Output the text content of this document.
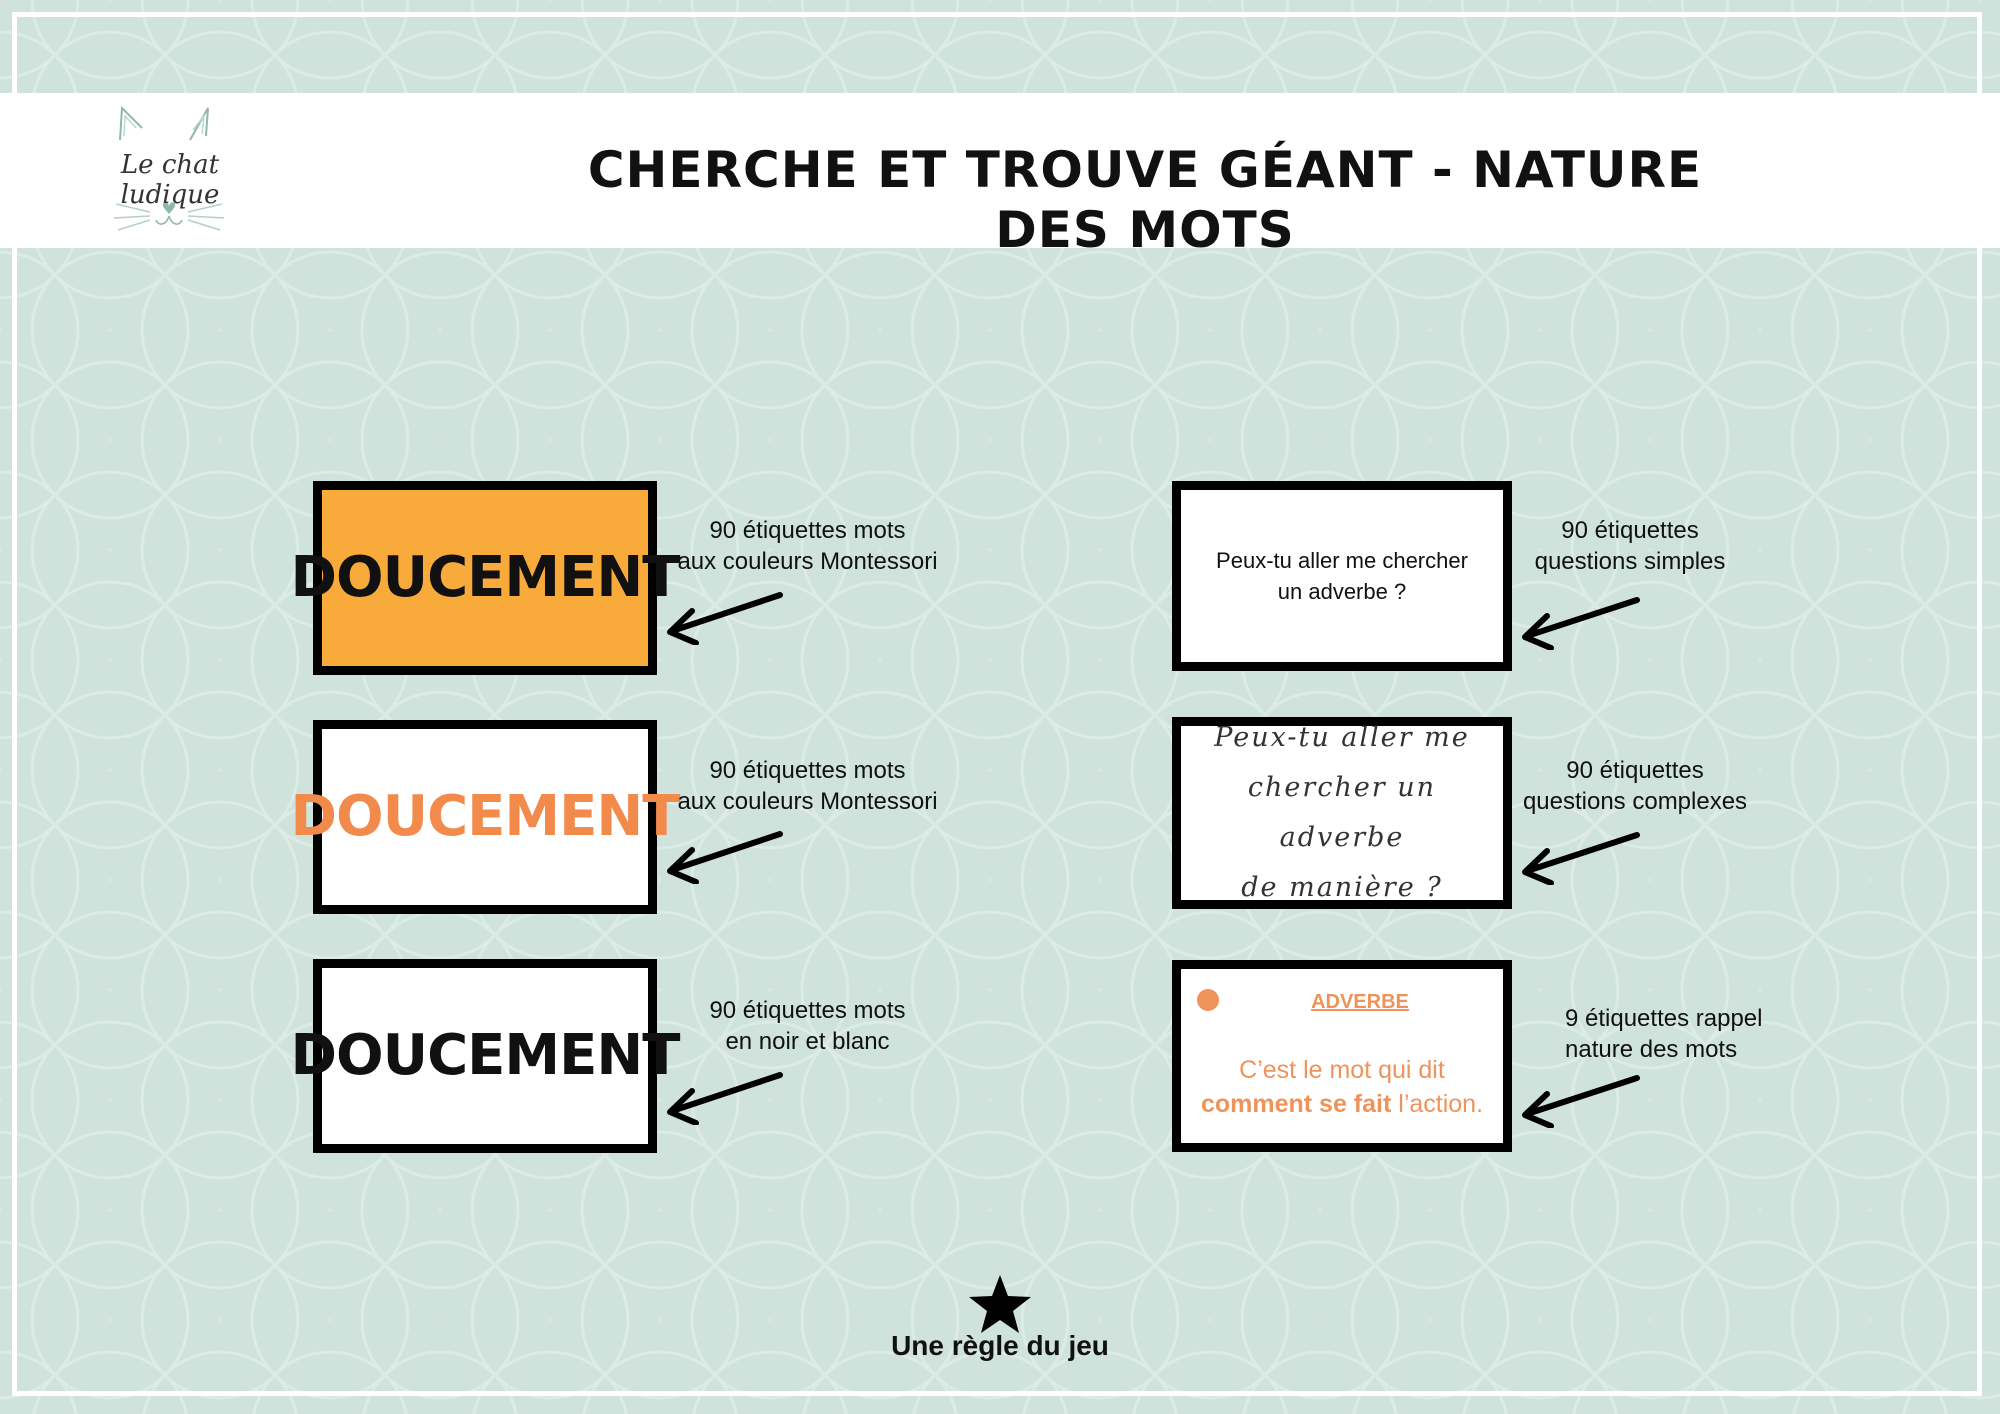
Le chat ludique	CHERCHE ET TROUVE GÉANT - NATURE DES MOTS
DOUCEMENT
90 étiquettes mots
aux couleurs Montessori
DOUCEMENT
90 étiquettes mots
aux couleurs Montessori
DOUCEMENT
90 étiquettes mots
en noir et blanc
Peux-tu aller me chercher
un adverbe ?
90 étiquettes
questions simples
Peux-tu aller me
chercher un adverbe
de manière ?
90 étiquettes
questions complexes
ADVERBE
C’est le mot qui dit
comment se fait l’action.
9 étiquettes rappel
nature des mots
Une règle du jeu
